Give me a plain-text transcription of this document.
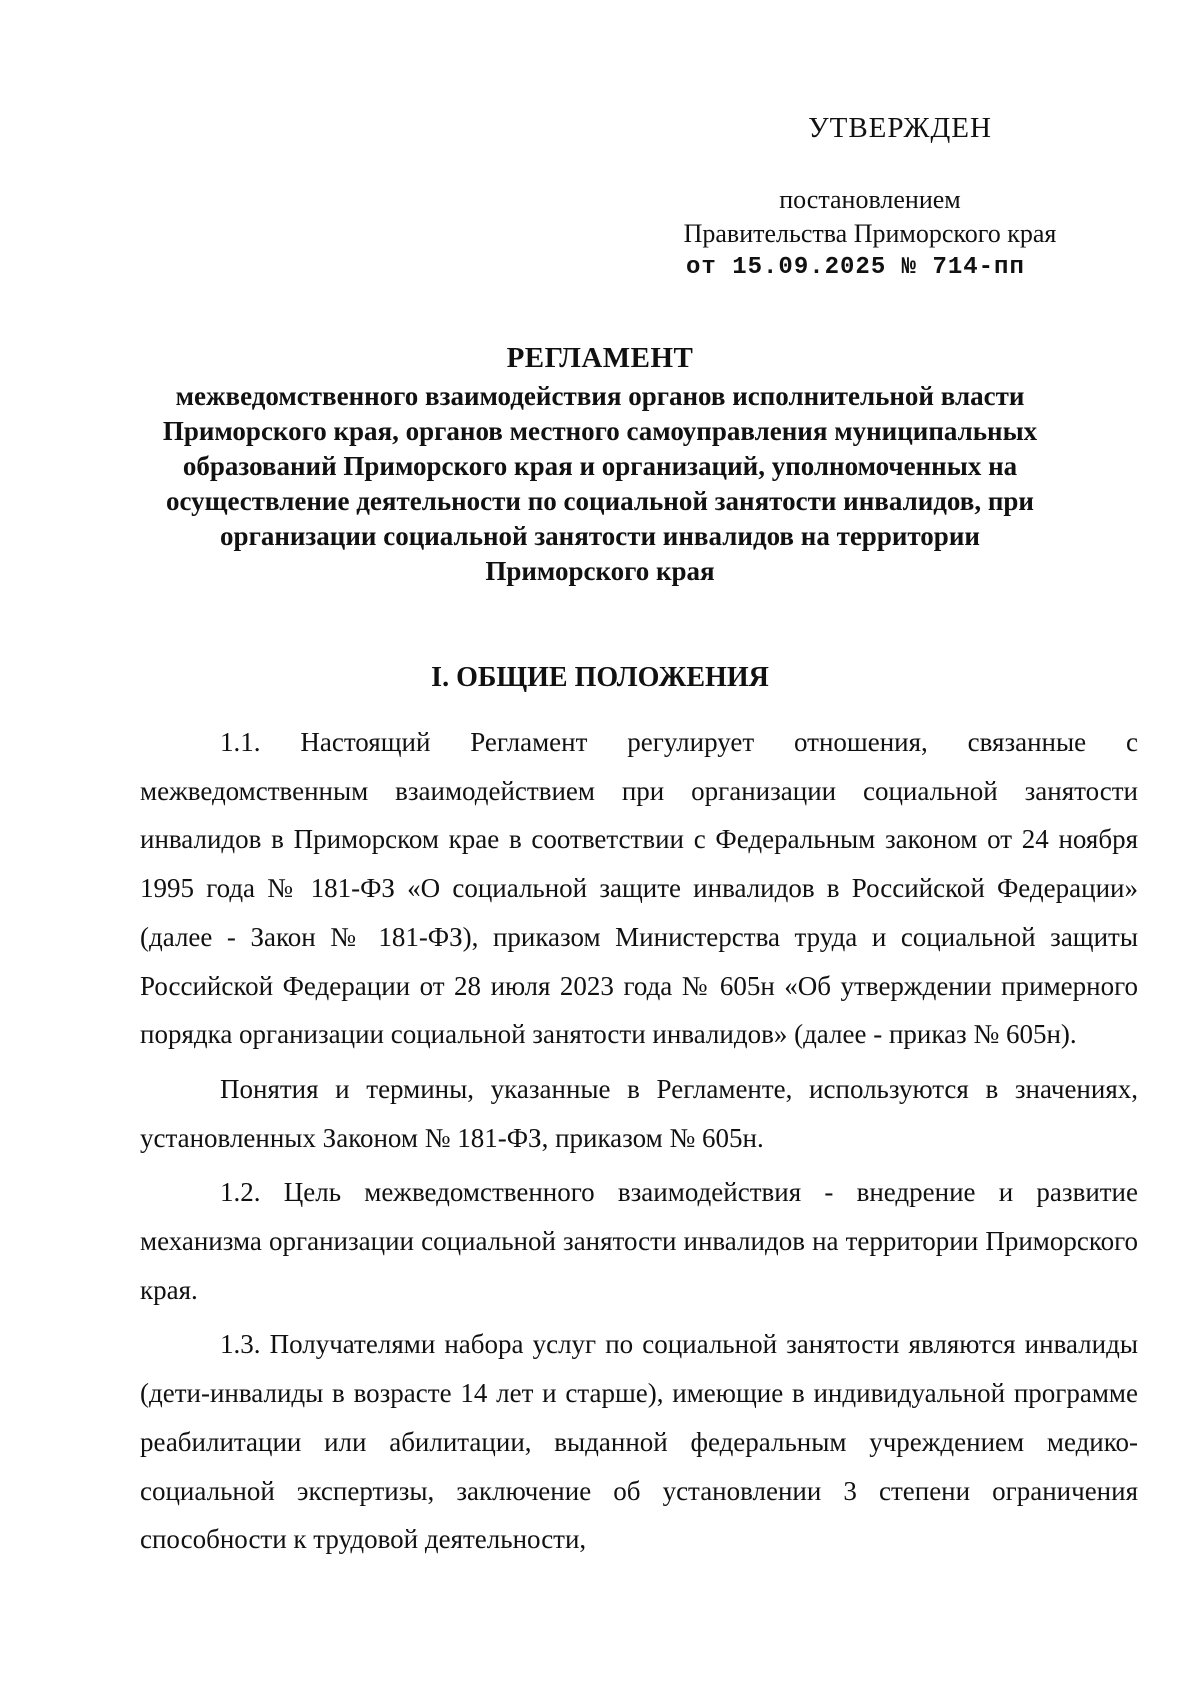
УТВЕРЖДЕН
постановлением
Правительства Приморского края
от 15.09.2025 № 714-пп
РЕГЛАМЕНТ
межведомственного взаимодействия органов исполнительной власти Приморского края, органов местного самоуправления муниципальных образований Приморского края и организаций, уполномоченных на осуществление деятельности по социальной занятости инвалидов, при организации социальной занятости инвалидов на территории Приморского края
I. ОБЩИЕ ПОЛОЖЕНИЯ

1.1. Настоящий Регламент регулирует отношения, связанные с межведомственным взаимодействием при организации социальной занятости инвалидов в Приморском крае в соответствии с Федеральным законом от 24 ноября 1995 года № 181-ФЗ «О социальной защите инвалидов в Российской Федерации» (далее - Закон № 181-ФЗ), приказом Министерства труда и социальной защиты Российской Федерации от 28 июля 2023 года № 605н «Об утверждении примерного порядка организации социальной занятости инвалидов» (далее - приказ № 605н).

Понятия и термины, указанные в Регламенте, используются в значениях, установленных Законом № 181-ФЗ, приказом № 605н.

1.2. Цель межведомственного взаимодействия - внедрение и развитие механизма организации социальной занятости инвалидов на территории Приморского края.

1.3. Получателями набора услуг по социальной занятости являются инвалиды (дети-инвалиды в возрасте 14 лет и старше), имеющие в индивидуальной программе реабилитации или абилитации, выданной федеральным учреждением медико-социальной экспертизы, заключение об установлении 3 степени ограничения способности к трудовой деятельности,
